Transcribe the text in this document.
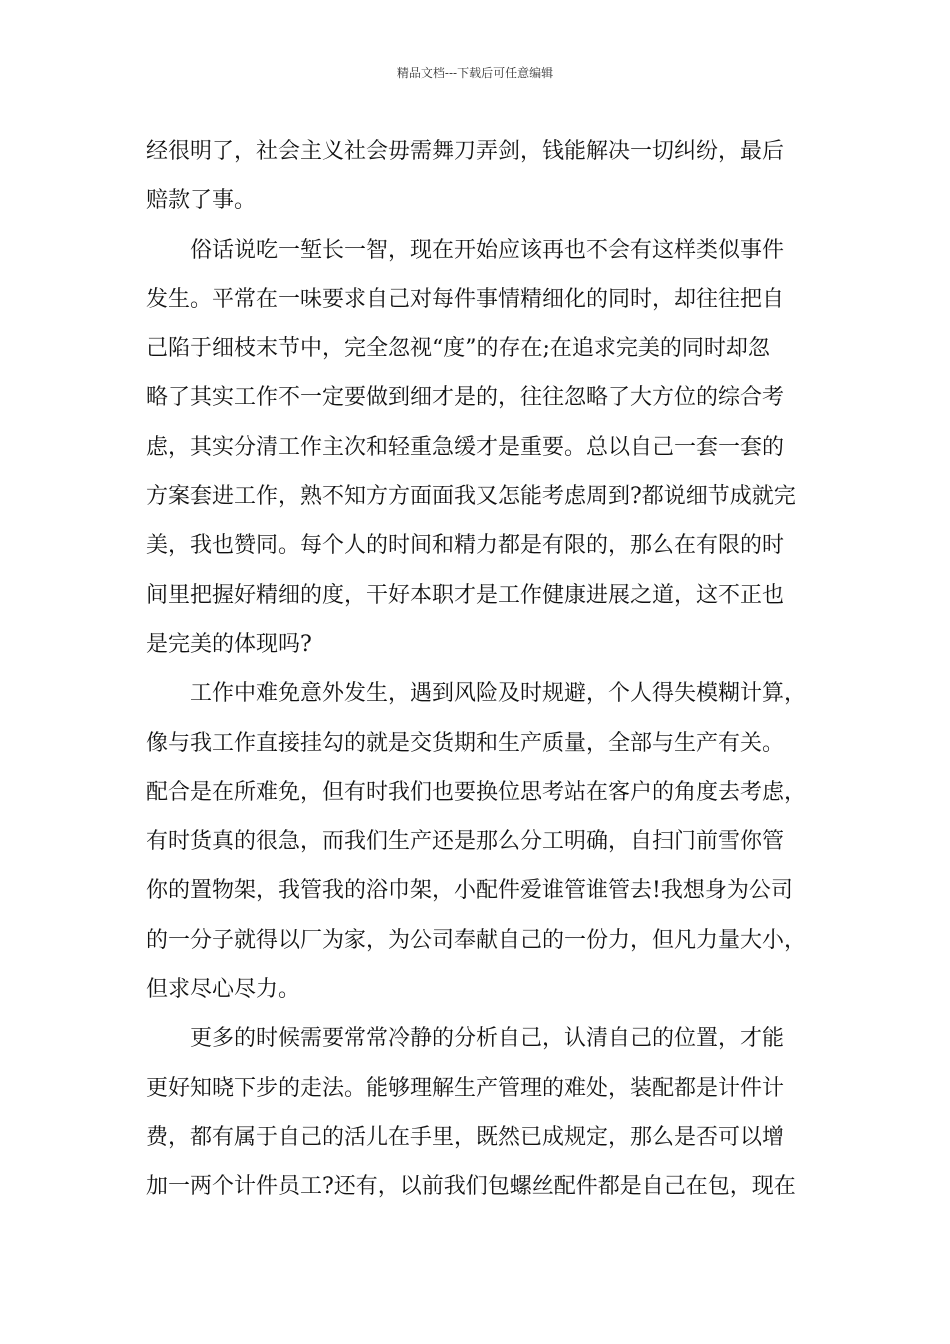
精品文档---下载后可任意编辑
经很明了，社会主义社会毋需舞刀弄剑，钱能解决一切纠纷，最后
赔款了事。
　　俗话说吃一堑长一智，现在开始应该再也不会有这样类似事件
发生。平常在一味要求自己对每件事情精细化的同时，却往往把自
己陷于细枝末节中，完全忽视“度”的存在;在追求完美的同时却忽
略了其实工作不一定要做到细才是的，往往忽略了大方位的综合考
虑，其实分清工作主次和轻重急缓才是重要。总以自己一套一套的
方案套进工作，熟不知方方面面我又怎能考虑周到?都说细节成就完
美，我也赞同。每个人的时间和精力都是有限的，那么在有限的时
间里把握好精细的度，干好本职才是工作健康进展之道，这不正也
是完美的体现吗?
　　工作中难免意外发生，遇到风险及时规避，个人得失模糊计算，
像与我工作直接挂勾的就是交货期和生产质量，全部与生产有关。
配合是在所难免，但有时我们也要换位思考站在客户的角度去考虑，
有时货真的很急，而我们生产还是那么分工明确，自扫门前雪你管
你的置物架，我管我的浴巾架，小配件爱谁管谁管去!我想身为公司
的一分子就得以厂为家，为公司奉献自己的一份力，但凡力量大小，
但求尽心尽力。
　　更多的时候需要常常冷静的分析自己，认清自己的位置，才能
更好知晓下步的走法。能够理解生产管理的难处，装配都是计件计
费，都有属于自己的活儿在手里，既然已成规定，那么是否可以增
加一两个计件员工?还有，以前我们包螺丝配件都是自己在包，现在
